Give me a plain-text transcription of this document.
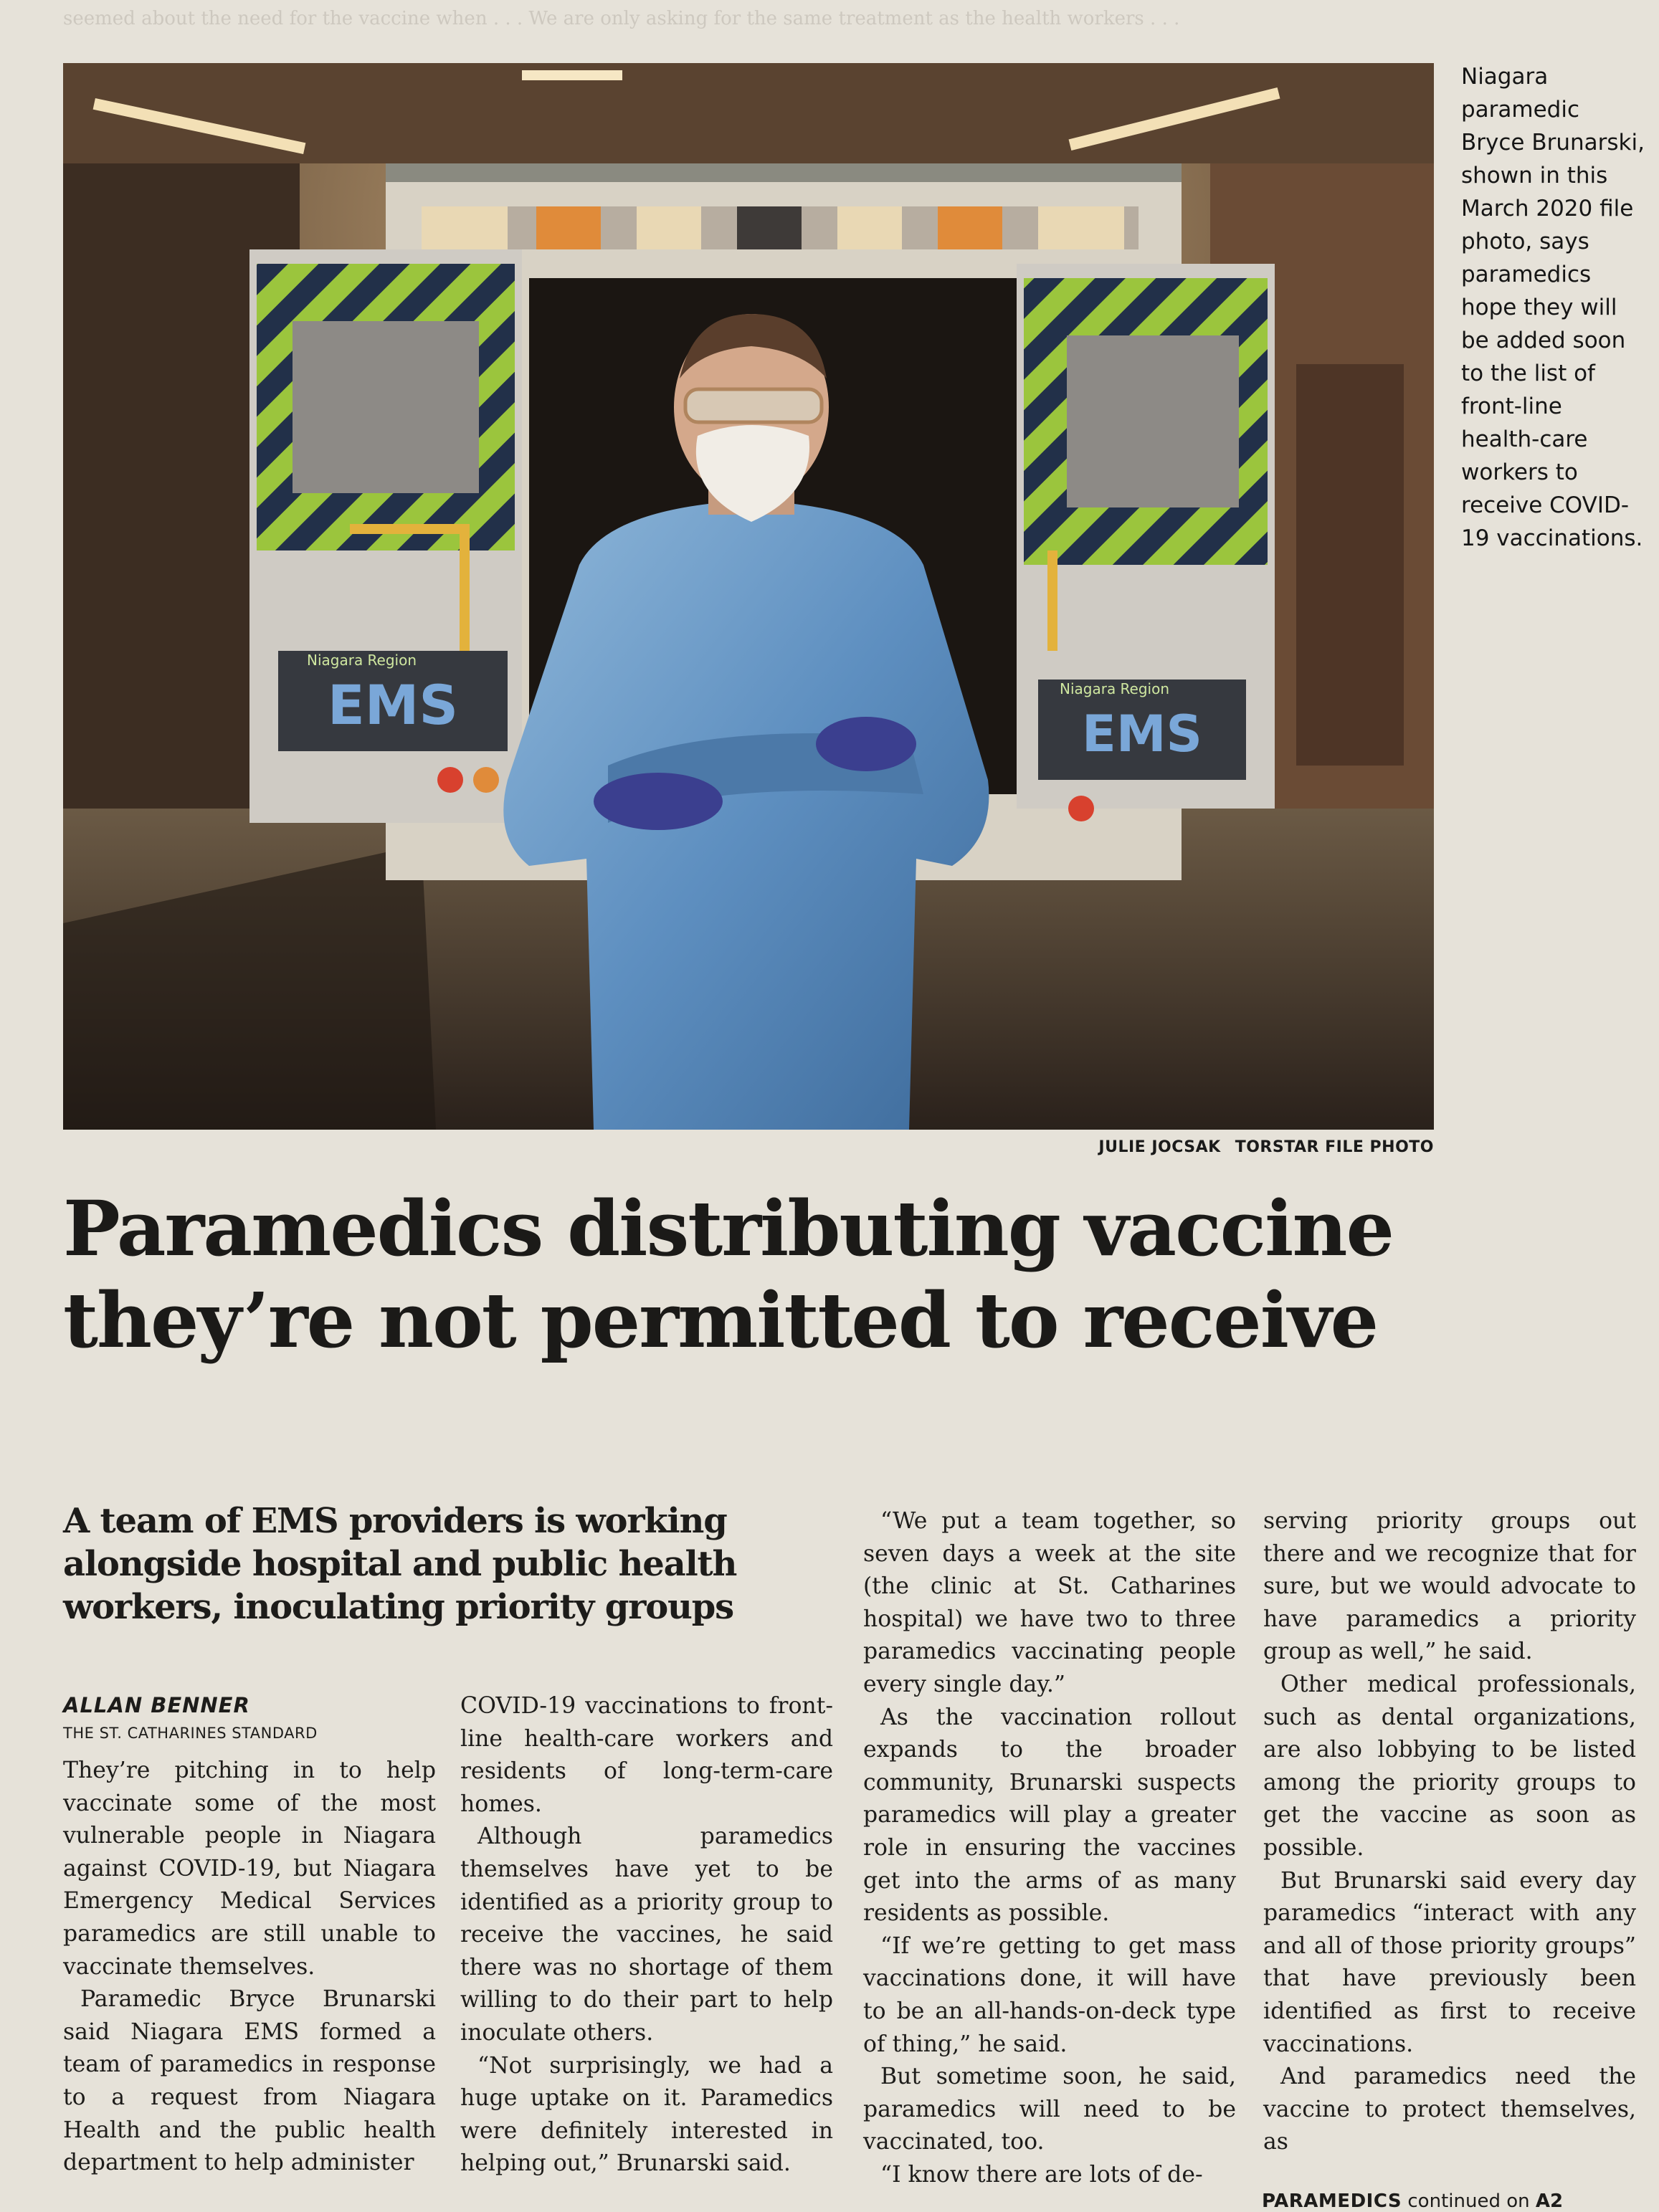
seemed about the need for the vaccine when . . . We are only asking for the same treatment as the health workers . . .
EMS
Niagara Region
EMS
Niagara Region
Niagara paramedic Bryce Brunarski, shown in this March 2020 file photo, says paramedics hope they will be added soon to the list of front-line health-care workers to receive COVID-19 vaccinations.
JULIE JOCSAK TORSTAR FILE PHOTO
Paramedics distributing vaccine they’re not permitted to receive
A team of EMS providers is working alongside hospital and public health workers, inoculating priority groups
ALLAN BENNER
THE ST. CATHARINES STANDARD

They’re pitching in to help vaccinate some of the most vulnerable people in Niagara against COVID-19, but Niagara Emergency Medical Services paramedics are still unable to vaccinate themselves.

Paramedic Bryce Brunarski said Niagara EMS formed a team of paramedics in response to a request from Niagara Health and the public health department to help administer

COVID-19 vaccinations to front-line health-care workers and residents of long-term-care homes.

Although paramedics themselves have yet to be identified as a priority group to receive the vaccines, he said there was no shortage of them willing to do their part to help inoculate others.

“Not surprisingly, we had a huge uptake on it. Paramedics were definitely interested in helping out,” Brunarski said.

“We put a team together, so seven days a week at the site (the clinic at St. Catharines hospital) we have two to three paramedics vaccinating people every single day.”

As the vaccination rollout expands to the broader community, Brunarski suspects paramedics will play a greater role in ensuring the vaccines get into the arms of as many residents as possible.

“If we’re getting to get mass vaccinations done, it will have to be an all-hands-on-deck type of thing,” he said.

But sometime soon, he said, paramedics will need to be vaccinated, too.

“I know there are lots of de-

serving priority groups out there and we recognize that for sure, but we would advocate to have paramedics a priority group as well,” he said.

Other medical professionals, such as dental organizations, are also lobbying to be listed among the priority groups to get the vaccine as soon as possible.

But Brunarski said every day paramedics “interact with any and all of those priority groups” that have previously been identified as first to receive vaccinations.

And paramedics need the vaccine to protect themselves, as

PARAMEDICS continued on A2
